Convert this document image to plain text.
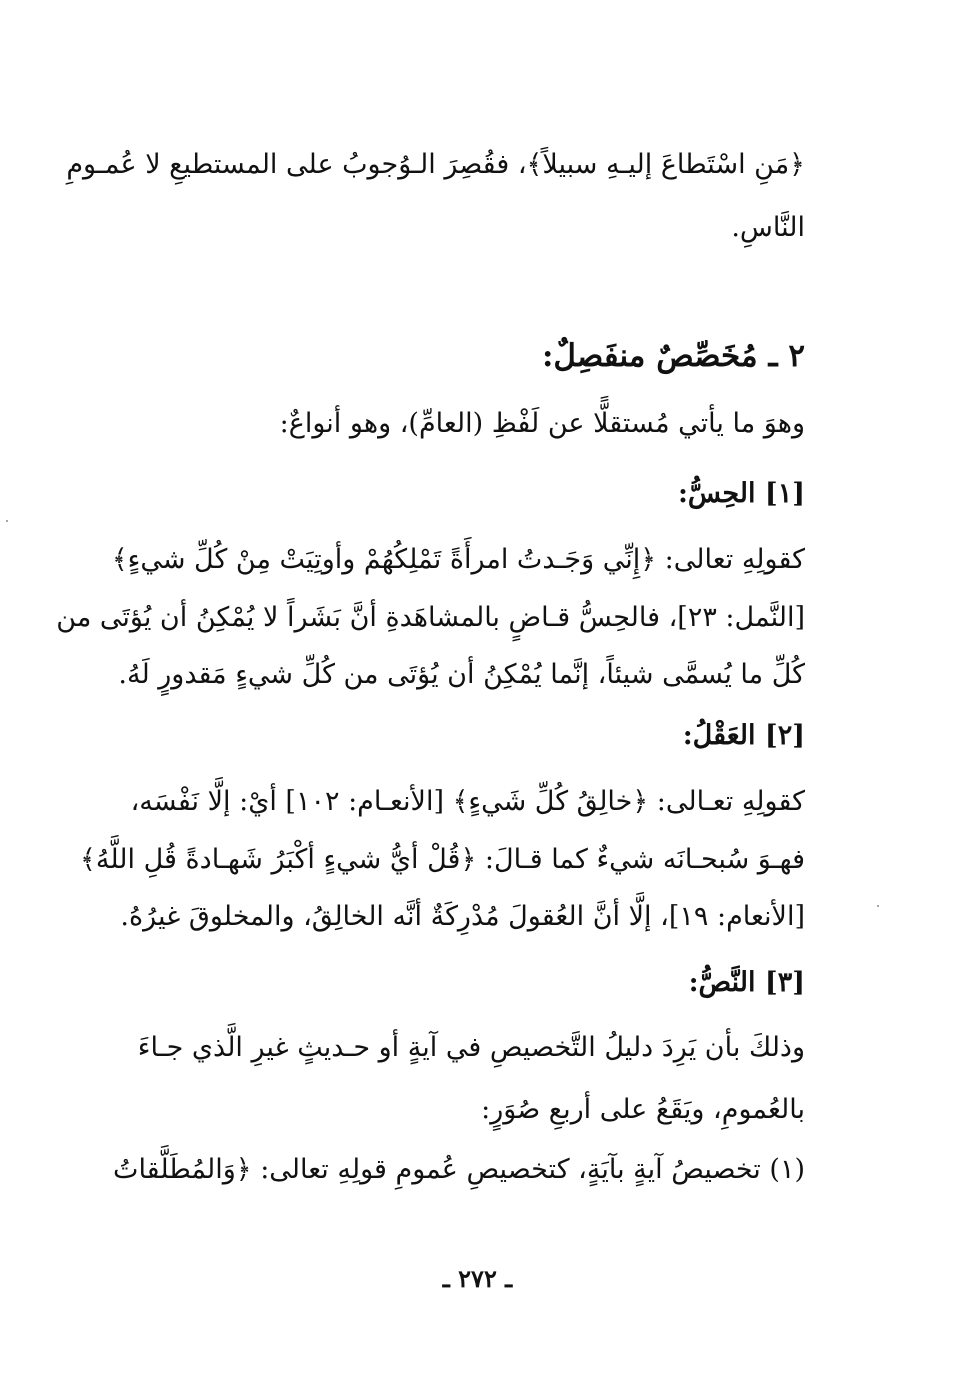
﴿مَنِ اسْتَطاعَ إليـهِ سبيلاً﴾، فقُصِرَ الـوُجوبُ على المستطيعِ لا عُمـومِ
النَّاسِ.
٢ ـ مُخَصِّصٌ منفَصِلٌ:
وهوَ ما يأتي مُستقلًّا عن لَفْظِ (العامِّ)، وهو أنواعٌ:
[١] الحِسُّ:
كقولِهِ تعالى: ﴿إِنِّي وَجَـدتُ امرأَةً تَمْلِكُهُمْ وأوتِيَتْ مِنْ كُلِّ شيءٍ﴾
[النَّمل: ٢٣]، فالحِسُّ قـاضٍ بالمشاهَدةِ أنَّ بَشَراً لا يُمْكِنُ أن يُؤتَى من
كُلِّ ما يُسمَّى شيئاً، إنَّما يُمْكِنُ أن يُؤتَى من كُلِّ شيءٍ مَقدورٍ لَهُ.
[٢] العَقْلُ:
كقولِهِ تعـالى: ﴿خالِقُ كُلِّ شَيءٍ﴾ [الأنعـام: ١٠٢] أيْ: إلَّا نَفْسَه،
فهـوَ سُبحـانَه شيءٌ كما قـالَ: ﴿قُلْ أيُّ شيءٍ أكْبَرُ شَهـادةً قُلِ اللَّهُ﴾
[الأنعام: ١٩]، إلَّا أنَّ العُقولَ مُدْرِكَةٌ أنَّه الخالِقُ، والمخلوقَ غيرُهُ.
[٣] النَّصُّ:
وذلكَ بأن يَرِدَ دليلُ التَّخصيصِ في آيةٍ أو حـديثٍ غيرِ الَّذي جـاءَ
بالعُمومِ، ويَقَعُ على أربعِ صُوَرٍ:
(١) تخصيصُ آيةٍ بآيَةٍ، كتخصيصِ عُمومِ قولِهِ تعالى: ﴿وَالمُطَلَّقاتُ
ـ ٢٧٢ ـ
